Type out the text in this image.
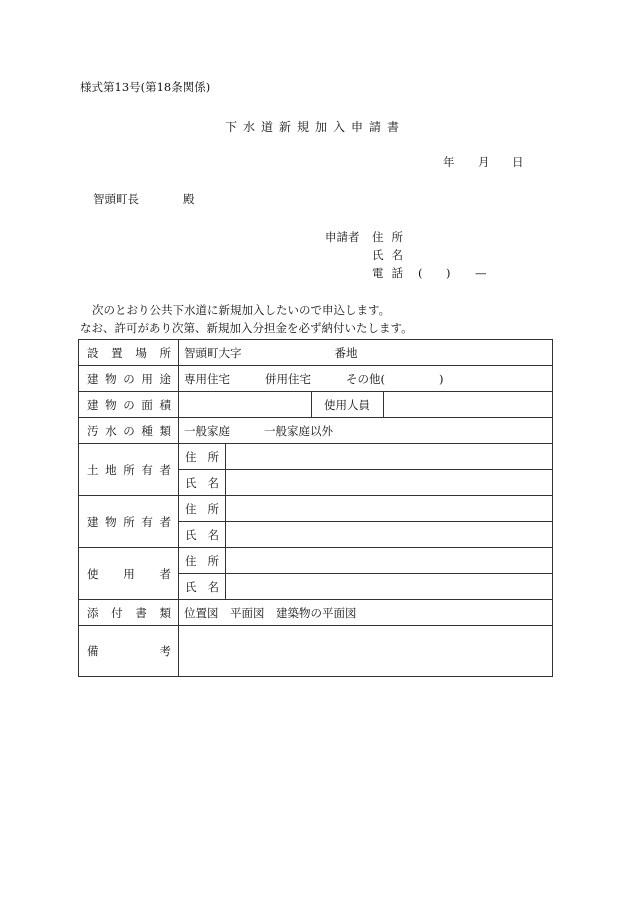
様式第13号(第18条関係)
下水道新規加入申請書
年 月 日
智頭町長	殿
申請者 住所
氏名
電話 ( ) —
次のとおり公共下水道に新規加入したいので申込します。
なお、許可があり次第、新規加入分担金を必ず納付いたします。
設 置 場 所	智頭町大字 番地			

建 物 の 用 途	専用住宅 併用住宅 その他( )			

建 物 の 面 積			使用人員	

汚 水 の 種 類	一般家庭 一般家庭以外			

土 地 所 有 者	住 所			

	氏 名			

建 物 所 有 者	住 所			

	氏 名			

使 用 者	住 所			

	氏 名			

添 付 書 類	位置図　平面図　建築物の平面図			

備 考				
